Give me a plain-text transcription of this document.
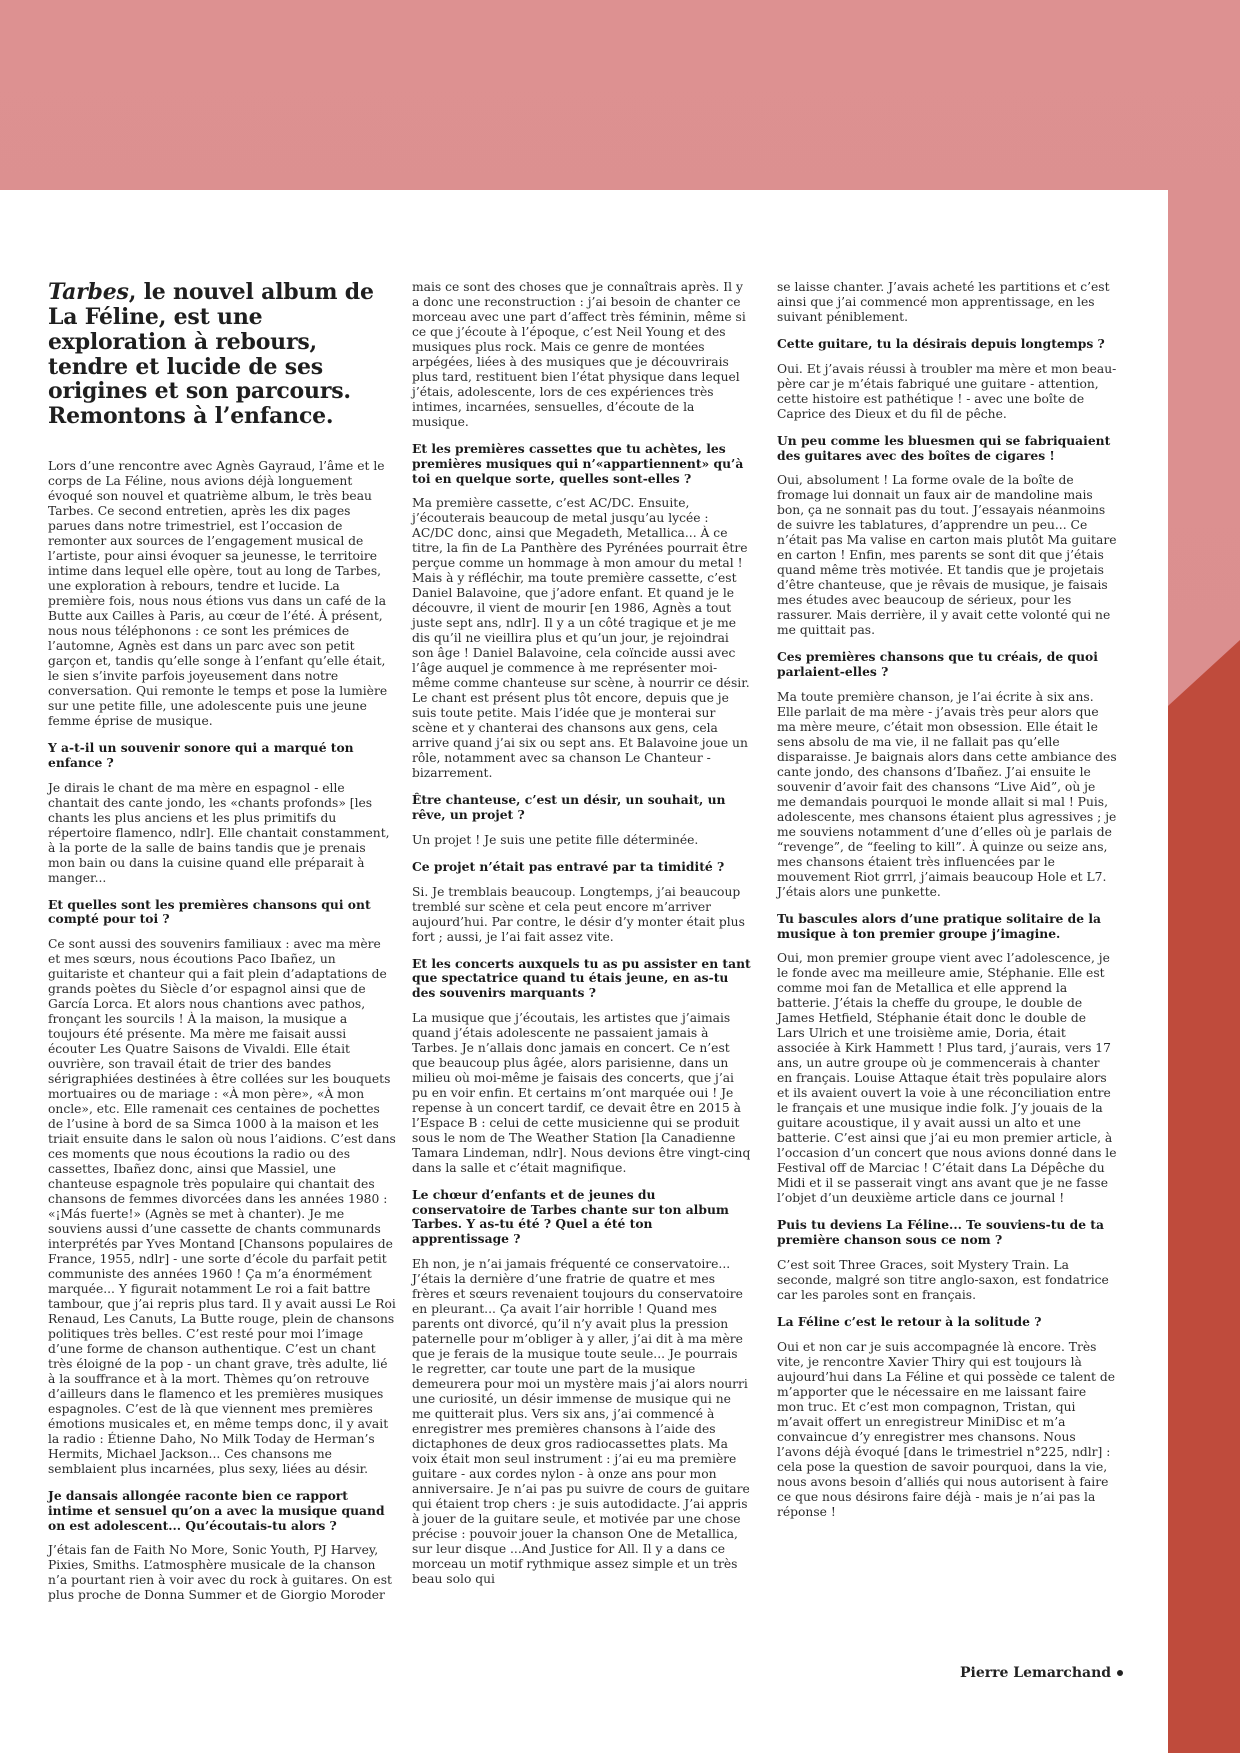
Tarbes, le nouvel album de La Féline, est une exploration à rebours, tendre et lucide de ses origines et son parcours. Remontons à l’enfance.
Lors d’une rencontre avec Agnès Gayraud, l’âme et le corps de La Féline, nous avions déjà longuement évoqué son nouvel et quatrième album, le très beau Tarbes. Ce second entretien, après les dix pages parues dans notre trimestriel, est l’occasion de remonter aux sources de l’engagement musical de l’artiste, pour ainsi évoquer sa jeunesse, le territoire intime dans lequel elle opère, tout au long de Tarbes, une exploration à rebours, tendre et lucide. La première fois, nous nous étions vus dans un café de la Butte aux Cailles à Paris, au cœur de l’été. À présent, nous nous téléphonons : ce sont les prémices de l’automne, Agnès est dans un parc avec son petit garçon et, tandis qu’elle songe à l’enfant qu’elle était, le sien s’invite parfois joyeusement dans notre conversation. Qui remonte le temps et pose la lumière sur une petite fille, une adolescente puis une jeune femme éprise de musique.
Y a-t-il un souvenir sonore qui a marqué ton enfance ?
Je dirais le chant de ma mère en espagnol - elle chantait des cante jondo, les «chants profonds» [les chants les plus anciens et les plus primitifs du répertoire flamenco, ndlr]. Elle chantait constamment, à la porte de la salle de bains tandis que je prenais mon bain ou dans la cuisine quand elle préparait à manger...
Et quelles sont les premières chansons qui ont compté pour toi ?
Ce sont aussi des souvenirs familiaux : avec ma mère et mes sœurs, nous écoutions Paco Ibañez, un guitariste et chanteur qui a fait plein d’adaptations de grands poètes du Siècle d’or espagnol ainsi que de García Lorca. Et alors nous chantions avec pathos, fronçant les sourcils ! À la maison, la musique a toujours été présente. Ma mère me faisait aussi écouter Les Quatre Saisons de Vivaldi. Elle était ouvrière, son travail était de trier des bandes sérigraphiées destinées à être collées sur les bouquets mortuaires ou de mariage : «À mon père», «À mon oncle», etc. Elle ramenait ces centaines de pochettes de l’usine à bord de sa Simca 1000 à la maison et les triait ensuite dans le salon où nous l’aidions. C’est dans ces moments que nous écoutions la radio ou des cassettes, Ibañez donc, ainsi que Massiel, une chanteuse espagnole très populaire qui chantait des chansons de femmes divorcées dans les années 1980 : «¡Más fuerte!» (Agnès se met à chanter). Je me souviens aussi d’une cassette de chants communards interprétés par Yves Montand [Chansons populaires de France, 1955, ndlr] - une sorte d’école du parfait petit communiste des années 1960 ! Ça m’a énormément marquée... Y figurait notamment Le roi a fait battre tambour, que j’ai repris plus tard. Il y avait aussi Le Roi Renaud, Les Canuts, La Butte rouge, plein de chansons politiques très belles. C’est resté pour moi l’image d’une forme de chanson authentique. C’est un chant très éloigné de la pop - un chant grave, très adulte, lié à la souffrance et à la mort. Thèmes qu’on retrouve d’ailleurs dans le flamenco et les premières musiques espagnoles. C’est de là que viennent mes premières émotions musicales et, en même temps donc, il y avait la radio : Étienne Daho, No Milk Today de Herman’s Hermits, Michael Jackson... Ces chansons me semblaient plus incarnées, plus sexy, liées au désir.
Je dansais allongée raconte bien ce rapport intime et sensuel qu’on a avec la musique quand on est adolescent... Qu’écoutais-tu alors ?
J’étais fan de Faith No More, Sonic Youth, PJ Harvey, Pixies, Smiths. L’atmosphère musicale de la chanson n’a pourtant rien à voir avec du rock à guitares. On est plus proche de Donna Summer et de Giorgio Moroder
mais ce sont des choses que je connaîtrais après. Il y a donc une reconstruction : j’ai besoin de chanter ce morceau avec une part d’affect très féminin, même si ce que j’écoute à l’époque, c’est Neil Young et des musiques plus rock. Mais ce genre de montées arpégées, liées à des musiques que je découvrirais plus tard, restituent bien l’état physique dans lequel j’étais, adolescente, lors de ces expériences très intimes, incarnées, sensuelles, d’écoute de la musique.
Et les premières cassettes que tu achètes, les premières musiques qui n’«appartiennent» qu’à toi en quelque sorte, quelles sont-elles ?
Ma première cassette, c’est AC/DC. Ensuite, j’écouterais beaucoup de metal jusqu’au lycée : AC/DC donc, ainsi que Megadeth, Metallica... À ce titre, la fin de La Panthère des Pyrénées pourrait être perçue comme un hommage à mon amour du metal ! Mais à y réfléchir, ma toute première cassette, c’est Daniel Balavoine, que j’adore enfant. Et quand je le découvre, il vient de mourir [en 1986, Agnès a tout juste sept ans, ndlr]. Il y a un côté tragique et je me dis qu’il ne vieillira plus et qu’un jour, je rejoindrai son âge ! Daniel Balavoine, cela coïncide aussi avec l’âge auquel je commence à me représenter moi-même comme chanteuse sur scène, à nourrir ce désir. Le chant est présent plus tôt encore, depuis que je suis toute petite. Mais l’idée que je monterai sur scène et y chanterai des chansons aux gens, cela arrive quand j’ai six ou sept ans. Et Balavoine joue un rôle, notamment avec sa chanson Le Chanteur - bizarrement.
Être chanteuse, c’est un désir, un souhait, un rêve, un projet ?
Un projet ! Je suis une petite fille déterminée.
Ce projet n’était pas entravé par ta timidité ?
Si. Je tremblais beaucoup. Longtemps, j’ai beaucoup tremblé sur scène et cela peut encore m’arriver aujourd’hui. Par contre, le désir d’y monter était plus fort ; aussi, je l’ai fait assez vite.
Et les concerts auxquels tu as pu assister en tant que spectatrice quand tu étais jeune, en as-tu des souvenirs marquants ?
La musique que j’écoutais, les artistes que j’aimais quand j’étais adolescente ne passaient jamais à Tarbes. Je n’allais donc jamais en concert. Ce n’est que beaucoup plus âgée, alors parisienne, dans un milieu où moi-même je faisais des concerts, que j’ai pu en voir enfin. Et certains m’ont marquée oui ! Je repense à un concert tardif, ce devait être en 2015 à l’Espace B : celui de cette musicienne qui se produit sous le nom de The Weather Station [la Canadienne Tamara Lindeman, ndlr]. Nous devions être vingt-cinq dans la salle et c’était magnifique.
Le chœur d’enfants et de jeunes du conservatoire de Tarbes chante sur ton album Tarbes. Y as-tu été ? Quel a été ton apprentissage ?
Eh non, je n’ai jamais fréquenté ce conservatoire... J’étais la dernière d’une fratrie de quatre et mes frères et sœurs revenaient toujours du conservatoire en pleurant... Ça avait l’air horrible ! Quand mes parents ont divorcé, qu’il n’y avait plus la pression paternelle pour m’obliger à y aller, j’ai dit à ma mère que je ferais de la musique toute seule... Je pourrais le regretter, car toute une part de la musique demeurera pour moi un mystère mais j’ai alors nourri une curiosité, un désir immense de musique qui ne me quitterait plus. Vers six ans, j’ai commencé à enregistrer mes premières chansons à l’aide des dictaphones de deux gros radiocassettes plats. Ma voix était mon seul instrument : j’ai eu ma première guitare - aux cordes nylon - à onze ans pour mon anniversaire. Je n’ai pas pu suivre de cours de guitare qui étaient trop chers : je suis autodidacte. J’ai appris à jouer de la guitare seule, et motivée par une chose précise : pouvoir jouer la chanson One de Metallica, sur leur disque ...And Justice for All. Il y a dans ce morceau un motif rythmique assez simple et un très beau solo qui
se laisse chanter. J’avais acheté les partitions et c’est ainsi que j’ai commencé mon apprentissage, en les suivant péniblement.
Cette guitare, tu la désirais depuis longtemps ?
Oui. Et j’avais réussi à troubler ma mère et mon beau-père car je m’étais fabriqué une guitare - attention, cette histoire est pathétique ! - avec une boîte de Caprice des Dieux et du fil de pêche.
Un peu comme les bluesmen qui se fabriquaient des guitares avec des boîtes de cigares !
Oui, absolument ! La forme ovale de la boîte de fromage lui donnait un faux air de mandoline mais bon, ça ne sonnait pas du tout. J’essayais néanmoins de suivre les tablatures, d’apprendre un peu... Ce n’était pas Ma valise en carton mais plutôt Ma guitare en carton ! Enfin, mes parents se sont dit que j’étais quand même très motivée. Et tandis que je projetais d’être chanteuse, que je rêvais de musique, je faisais mes études avec beaucoup de sérieux, pour les rassurer. Mais derrière, il y avait cette volonté qui ne me quittait pas.
Ces premières chansons que tu créais, de quoi parlaient-elles ?
Ma toute première chanson, je l’ai écrite à six ans. Elle parlait de ma mère - j’avais très peur alors que ma mère meure, c’était mon obsession. Elle était le sens absolu de ma vie, il ne fallait pas qu’elle disparaisse. Je baignais alors dans cette ambiance des cante jondo, des chansons d’Ibañez. J’ai ensuite le souvenir d’avoir fait des chansons “Live Aid”, où je me demandais pourquoi le monde allait si mal ! Puis, adolescente, mes chansons étaient plus agressives ; je me souviens notamment d’une d’elles où je parlais de “revenge”, de “feeling to kill”. À quinze ou seize ans, mes chansons étaient très influencées par le mouvement Riot grrrl, j’aimais beaucoup Hole et L7. J’étais alors une punkette.
Tu bascules alors d’une pratique solitaire de la musique à ton premier groupe j’imagine.
Oui, mon premier groupe vient avec l’adolescence, je le fonde avec ma meilleure amie, Stéphanie. Elle est comme moi fan de Metallica et elle apprend la batterie. J’étais la cheffe du groupe, le double de James Hetfield, Stéphanie était donc le double de Lars Ulrich et une troisième amie, Doria, était associée à Kirk Hammett ! Plus tard, j’aurais, vers 17 ans, un autre groupe où je commencerais à chanter en français. Louise Attaque était très populaire alors et ils avaient ouvert la voie à une réconciliation entre le français et une musique indie folk. J’y jouais de la guitare acoustique, il y avait aussi un alto et une batterie. C’est ainsi que j’ai eu mon premier article, à l’occasion d’un concert que nous avions donné dans le Festival off de Marciac ! C’était dans La Dépêche du Midi et il se passerait vingt ans avant que je ne fasse l’objet d’un deuxième article dans ce journal !
Puis tu deviens La Féline... Te souviens-tu de ta première chanson sous ce nom ?
C’est soit Three Graces, soit Mystery Train. La seconde, malgré son titre anglo-saxon, est fondatrice car les paroles sont en français.
La Féline c’est le retour à la solitude ?
Oui et non car je suis accompagnée là encore. Très vite, je rencontre Xavier Thiry qui est toujours là aujourd’hui dans La Féline et qui possède ce talent de m’apporter que le nécessaire en me laissant faire mon truc. Et c’est mon compagnon, Tristan, qui m’avait offert un enregistreur MiniDisc et m’a convaincue d’y enregistrer mes chansons. Nous l’avons déjà évoqué [dans le trimestriel n°225, ndlr] : cela pose la question de savoir pourquoi, dans la vie, nous avons besoin d’alliés qui nous autorisent à faire ce que nous désirons faire déjà - mais je n’ai pas la réponse !
Pierre Lemarchand
